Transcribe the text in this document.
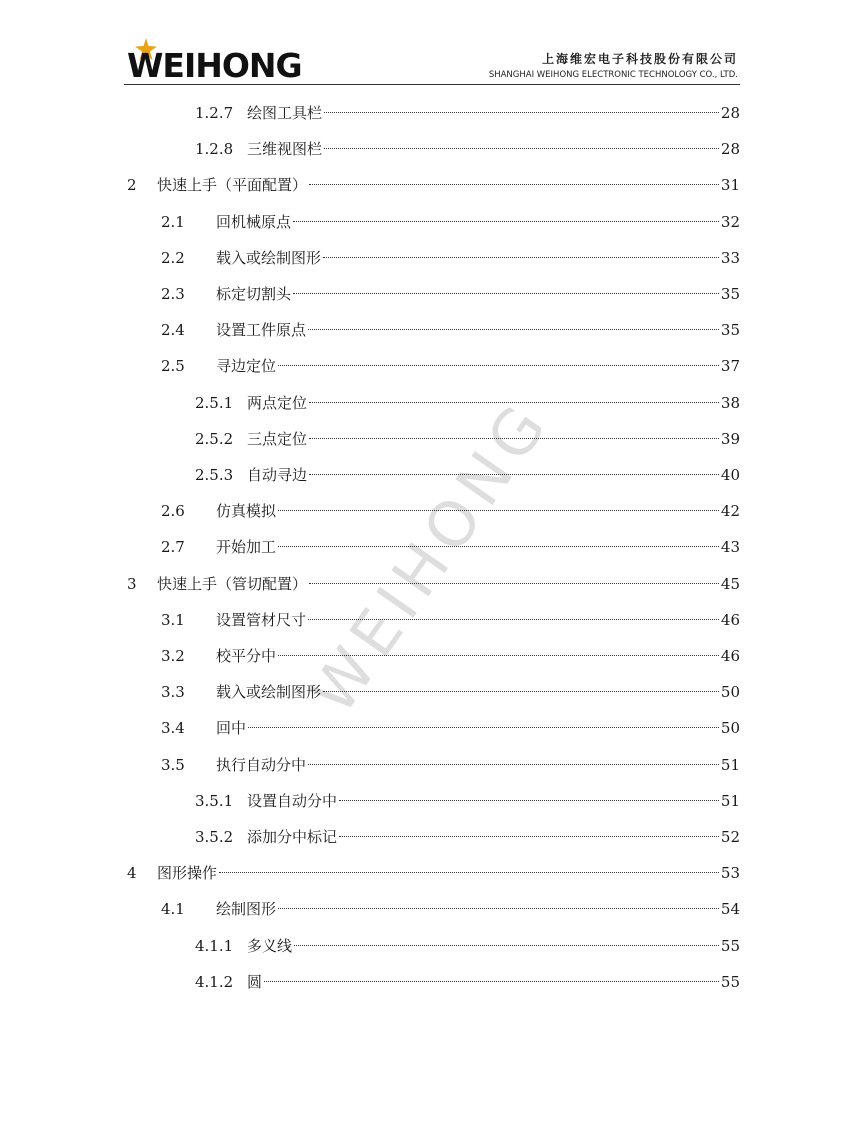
WEIHONG	上海维宏电子科技股份有限公司
SHANGHAI WEIHONG ELECTRONIC TECHNOLOGY CO., LTD.
WEIHONG
1.2.7 绘图工具栏	28
1.2.8 三维视图栏	28
2	快速上手（平面配置）	31
2.1	回机械原点	32
2.2	载入或绘制图形	33
2.3	标定切割头	35
2.4	设置工件原点	35
2.5	寻边定位	37
2.5.1 两点定位	38
2.5.2 三点定位	39
2.5.3 自动寻边	40
2.6	仿真模拟	42
2.7	开始加工	43
3	快速上手（管切配置）	45
3.1	设置管材尺寸	46
3.2	校平分中	46
3.3	载入或绘制图形	50
3.4	回中	50
3.5	执行自动分中	51
3.5.1 设置自动分中	51
3.5.2 添加分中标记	52
4	图形操作	53
4.1	绘制图形	54
4.1.1 多义线	55
4.1.2 圆	55
